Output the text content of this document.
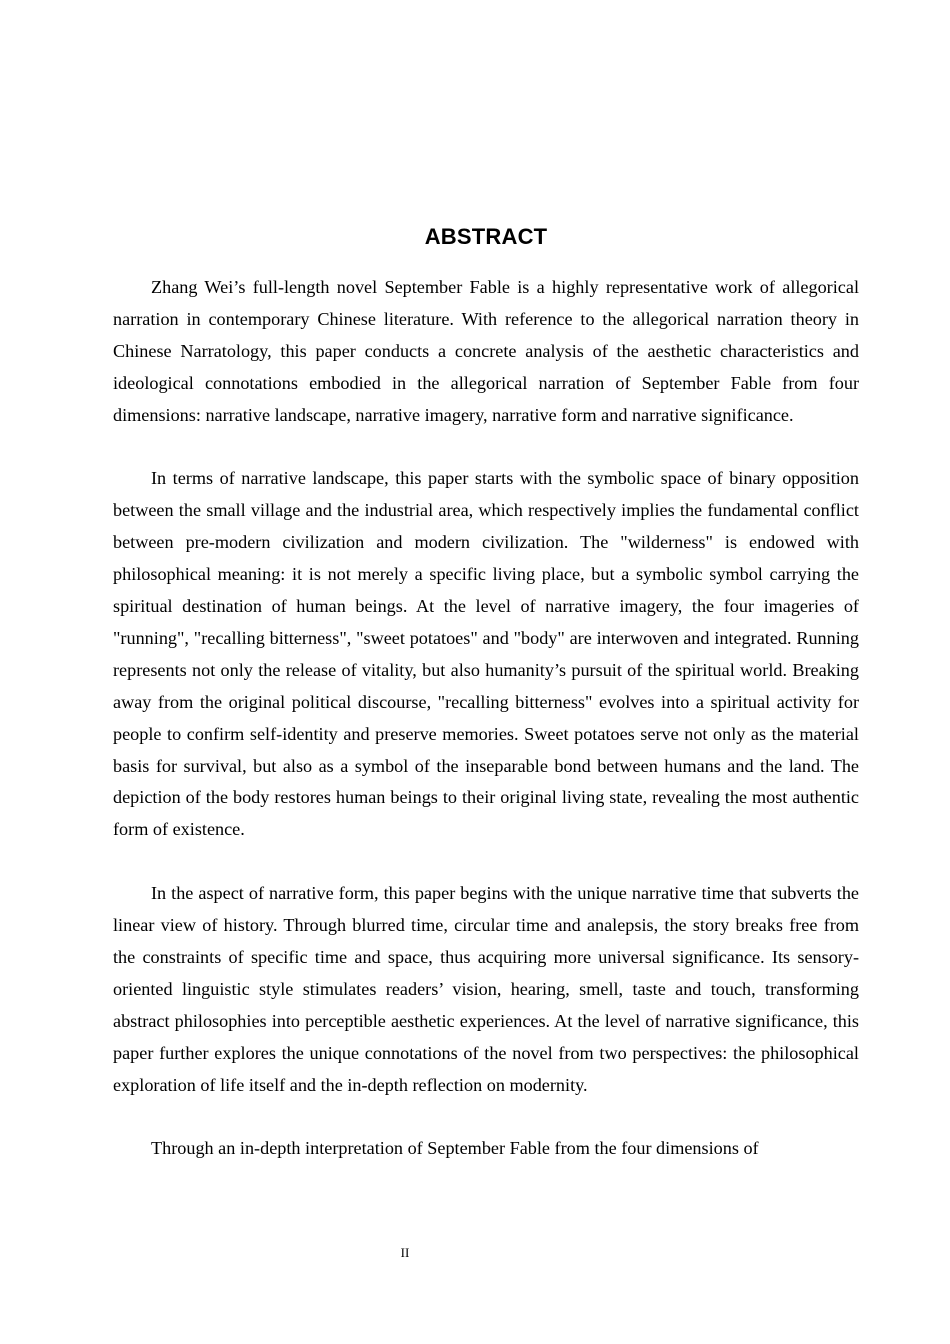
ABSTRACT

Zhang Wei’s full-length novel September Fable is a highly representative work of allegorical narration in contemporary Chinese literature. With reference to the allegorical narration theory in Chinese Narratology, this paper conducts a concrete analysis of the aesthetic characteristics and ideological connotations embodied in the allegorical narration of September Fable from four dimensions: narrative landscape, narrative imagery, narrative form and narrative significance.

In terms of narrative landscape, this paper starts with the symbolic space of binary opposition between the small village and the industrial area, which respectively implies the fundamental conflict between pre-modern civilization and modern civilization. The "wilderness" is endowed with philosophical meaning: it is not merely a specific living place, but a symbolic symbol carrying the spiritual destination of human beings. At the level of narrative imagery, the four imageries of "running", "recalling bitterness", "sweet potatoes" and "body" are interwoven and integrated. Running represents not only the release of vitality, but also humanity’s pursuit of the spiritual world. Breaking away from the original political discourse, "recalling bitterness" evolves into a spiritual activity for people to confirm self-identity and preserve memories. Sweet potatoes serve not only as the material basis for survival, but also as a symbol of the inseparable bond between humans and the land. The depiction of the body restores human beings to their original living state, revealing the most authentic form of existence.

In the aspect of narrative form, this paper begins with the unique narrative time that subverts the linear view of history. Through blurred time, circular time and analepsis, the story breaks free from the constraints of specific time and space, thus acquiring more universal significance. Its sensory-oriented linguistic style stimulates readers’ vision, hearing, smell, taste and touch, transforming abstract philosophies into perceptible aesthetic experiences. At the level of narrative significance, this paper further explores the unique connotations of the novel from two perspectives: the philosophical exploration of life itself and the in-depth reflection on modernity.

Through an in-depth interpretation of September Fable from the four dimensions of

II
